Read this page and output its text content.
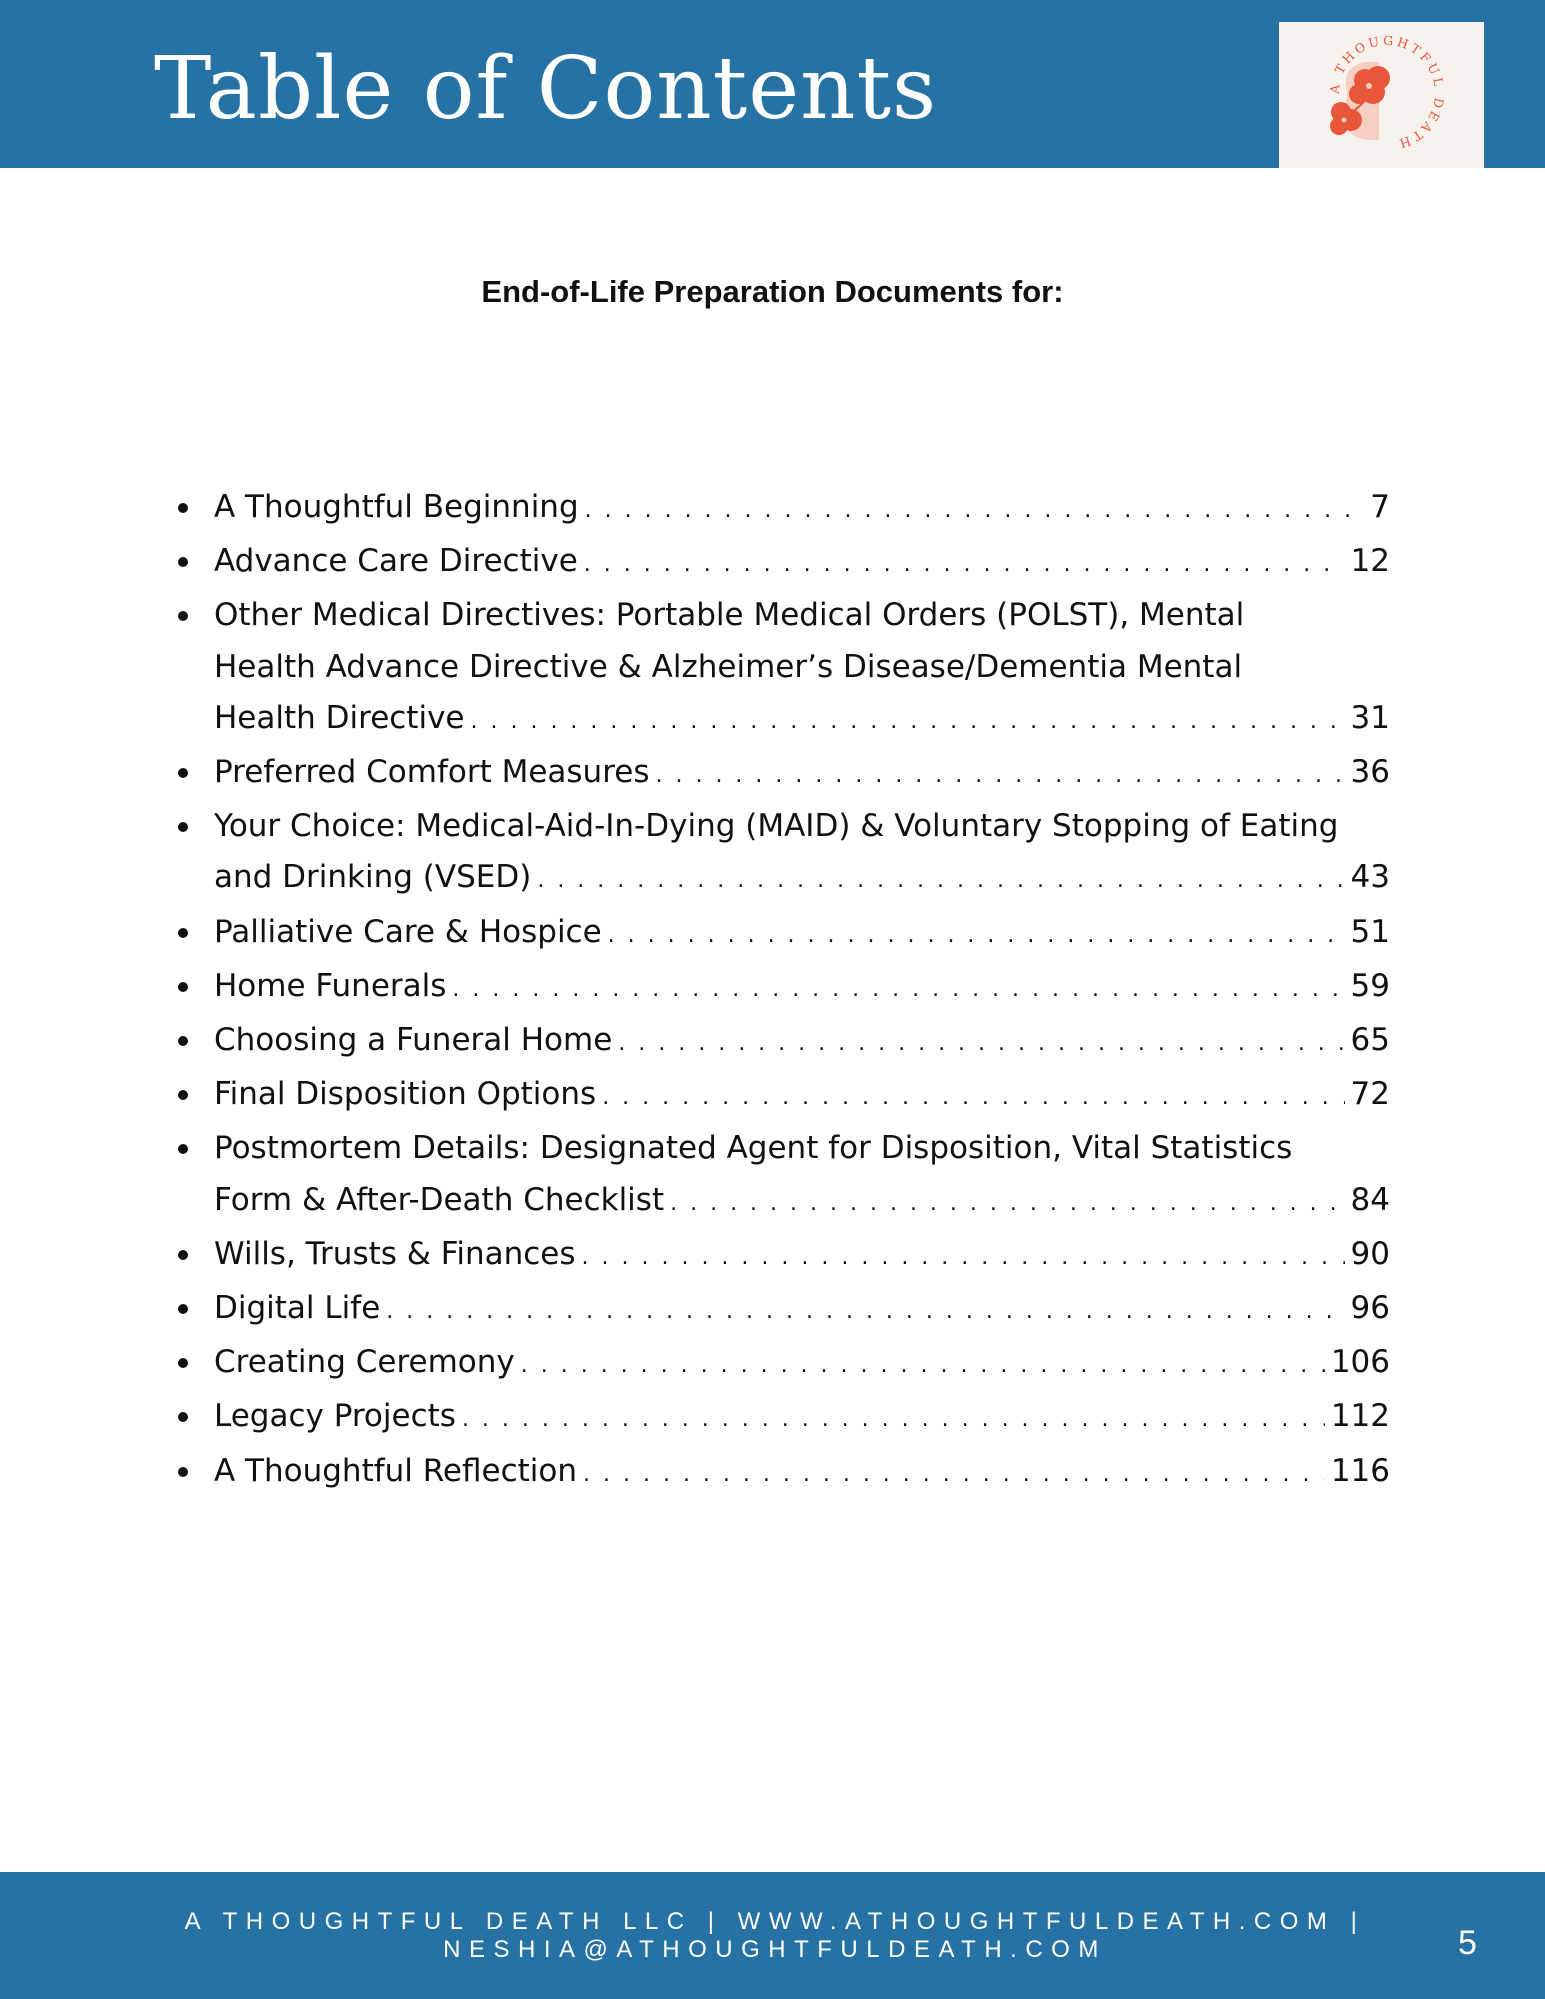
Table of Contents	A THOUGHTFUL DEATH
End-of-Life Preparation Documents for:
A Thoughtful Beginning . . .	7
Advance Care Directive . . .	12
Other Medical Directives: Portable Medical Orders (POLST), Mental
Health Advance Directive & Alzheimer’s Disease/Dementia Mental
Health Directive . . .	31
Preferred Comfort Measures . . .	36
Your Choice: Medical-Aid-In-Dying (MAID) & Voluntary Stopping of Eating
and Drinking (VSED) . . .	43
Palliative Care & Hospice . . .	51
Home Funerals . . .	59
Choosing a Funeral Home . . .	65
Final Disposition Options . . .	72
Postmortem Details: Designated Agent for Disposition, Vital Statistics
Form & After-Death Checklist . . .	84
Wills, Trusts & Finances . . .	90
Digital Life . . .	96
Creating Ceremony . . .	106
Legacy Projects . . .	112
A Thoughtful Reflection . . .	116
A THOUGHTFUL DEATH LLC | WWW.ATHOUGHTFULDEATH.COM |
NESHIA@ATHOUGHTFULDEATH.COM	5
